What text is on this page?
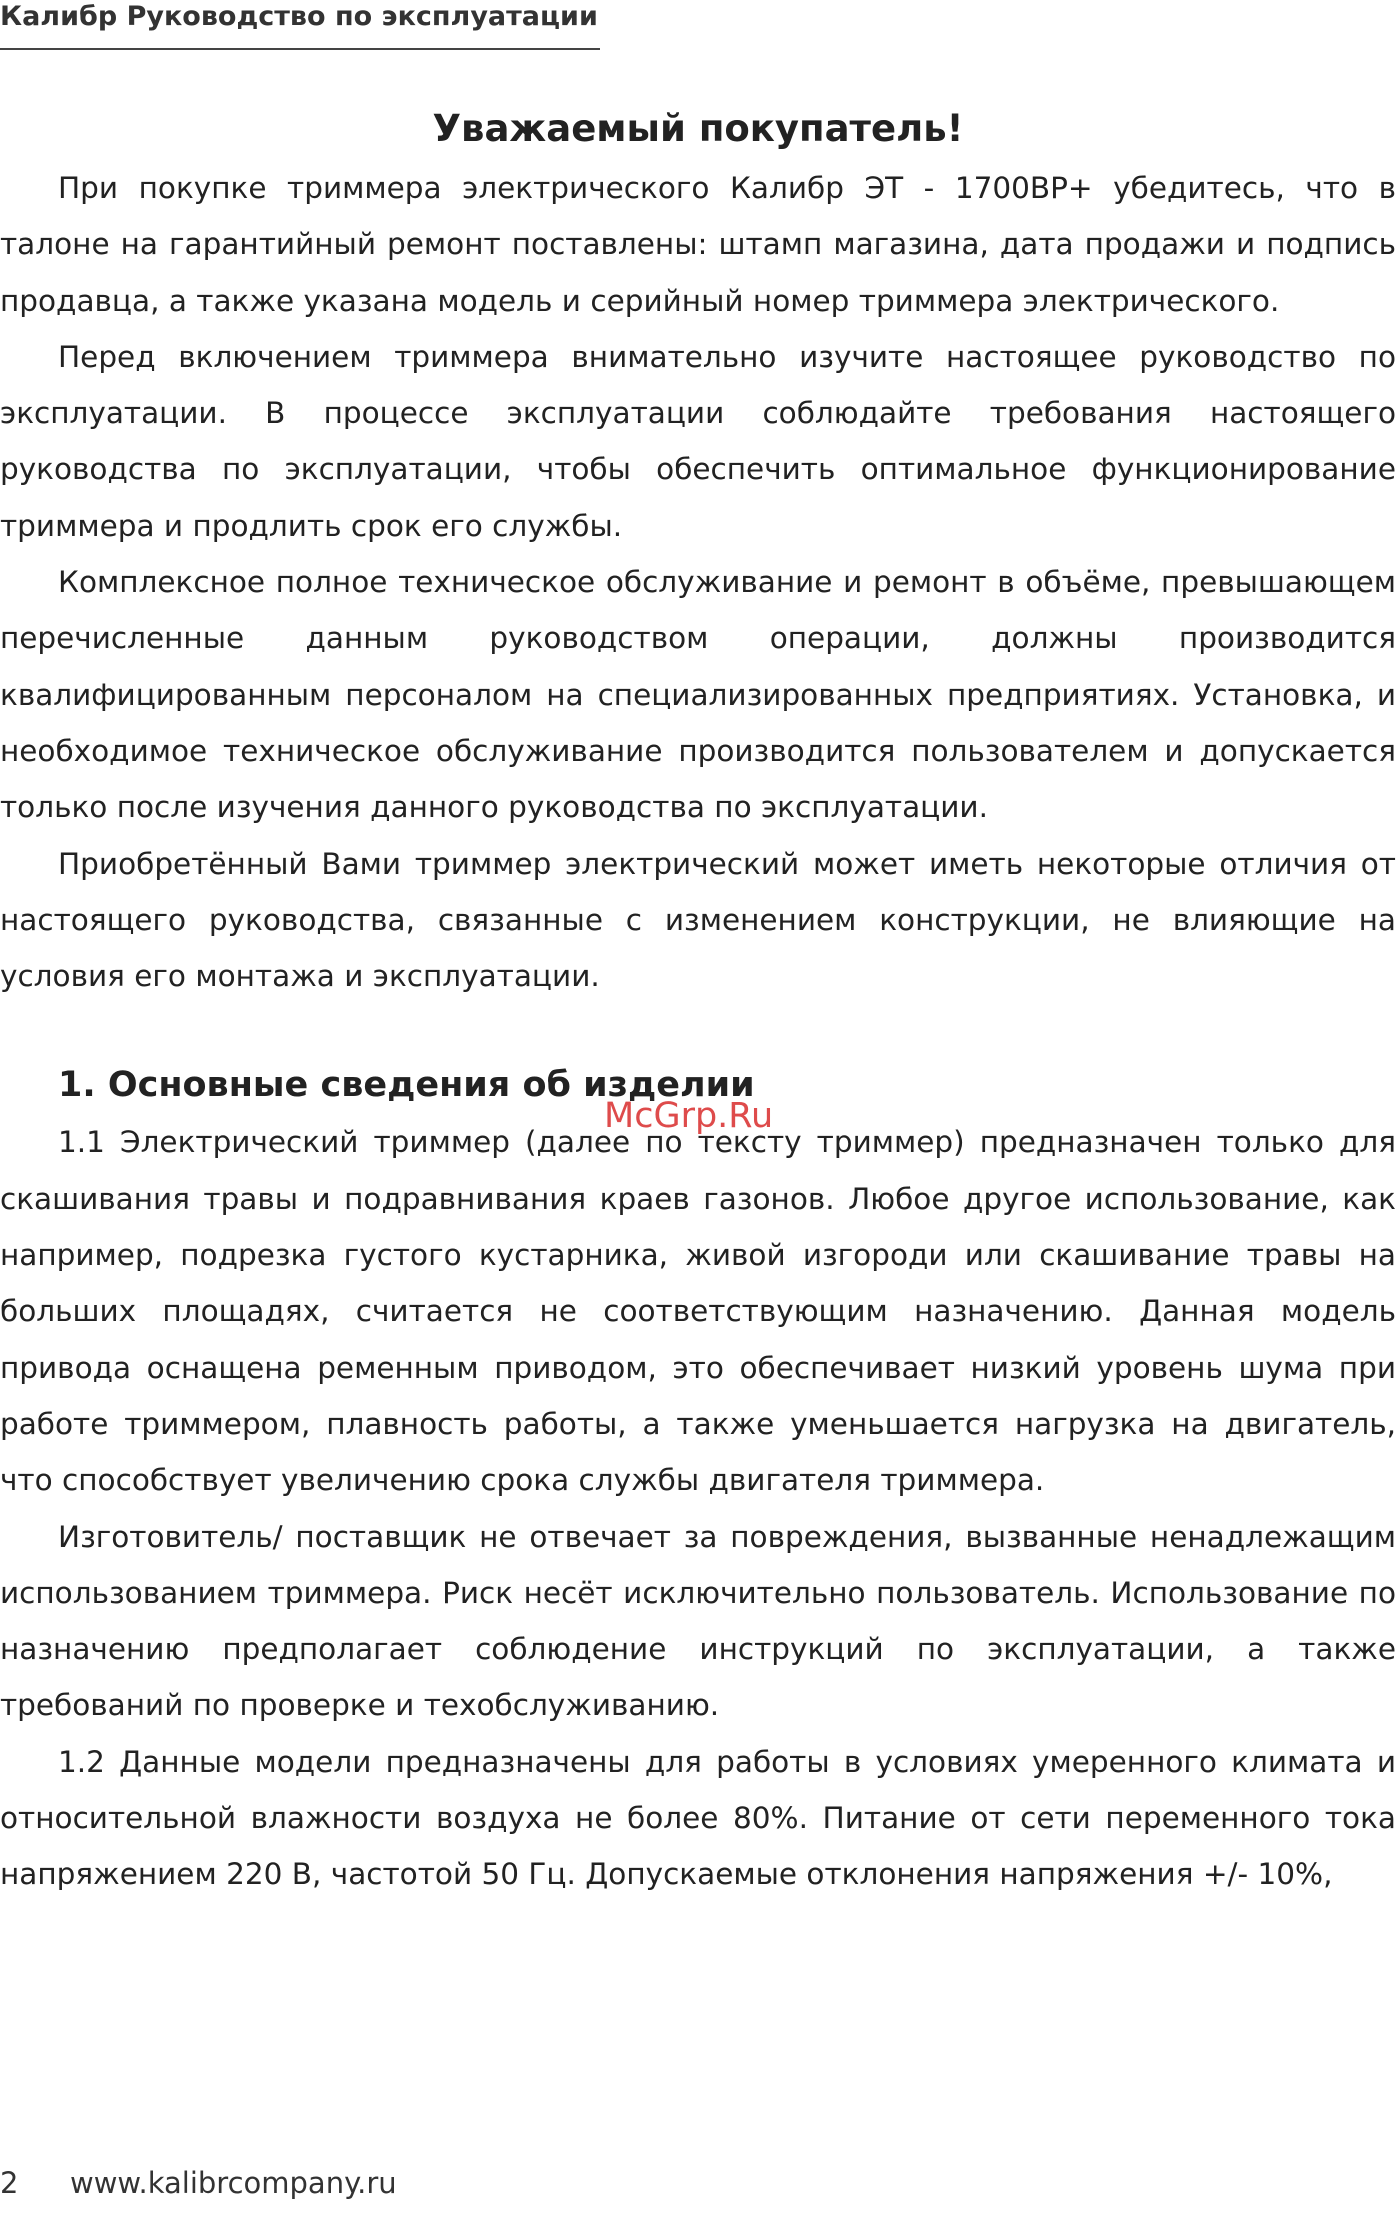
Калибр Руководство по эксплуатации
Уважаемый покупатель!

При покупке триммера электрического Калибр ЭТ - 1700ВР+ убедитесь, что в талоне на гарантийный ремонт поставлены: штамп магазина, дата продажи и подпись продавца, а также указана модель и серийный номер триммера электрического.

Перед включением триммера внимательно изучите настоящее руководство по эксплуатации. В процессе эксплуатации соблюдайте требования настоящего руководства по эксплуатации, чтобы обеспечить оптимальное функционирование триммера и продлить срок его службы.

Комплексное полное техническое обслуживание и ремонт в объёме, превышающем перечисленные данным руководством операции, должны производится квалифицированным персоналом на специализированных предприятиях. Установка, и необходимое техническое обслуживание производится пользователем и допускается только после изучения данного руководства по эксплуатации.

Приобретённый Вами триммер электрический может иметь некоторые отличия от настоящего руководства, связанные с изменением конструкции, не влияющие на условия его монтажа и эксплуатации.

1. Основные сведения об изделии

1.1 Электрический триммер (далее по тексту триммер) предназначен только для скашивания травы и подравнивания краев газонов. Любое другое использование, как например, подрезка густого кустарника, живой изгороди или скашивание травы на больших площадях, считается не соответствующим назначению. Данная модель привода оснащена ременным приводом, это обеспечивает низкий уровень шума при работе триммером, плавность работы, а также уменьшается нагрузка на двигатель, что способствует увеличению срока службы двигателя триммера.

Изготовитель/ поставщик не отвечает за повреждения, вызванные ненадлежащим использованием триммера. Риск несёт исключительно пользователь. Использование по назначению предполагает соблюдение инструкций по эксплуатации, а также требований по проверке и техобслуживанию.

1.2 Данные модели предназначены для работы в условиях умеренного климата и относительной влажности воздуха не более 80%. Питание от сети переменного тока напряжением 220 В, частотой 50 Гц. Допускаемые отклонения напряжения +/- 10%,

McGrp.Ru
2 www.kalibrcompany.ru
